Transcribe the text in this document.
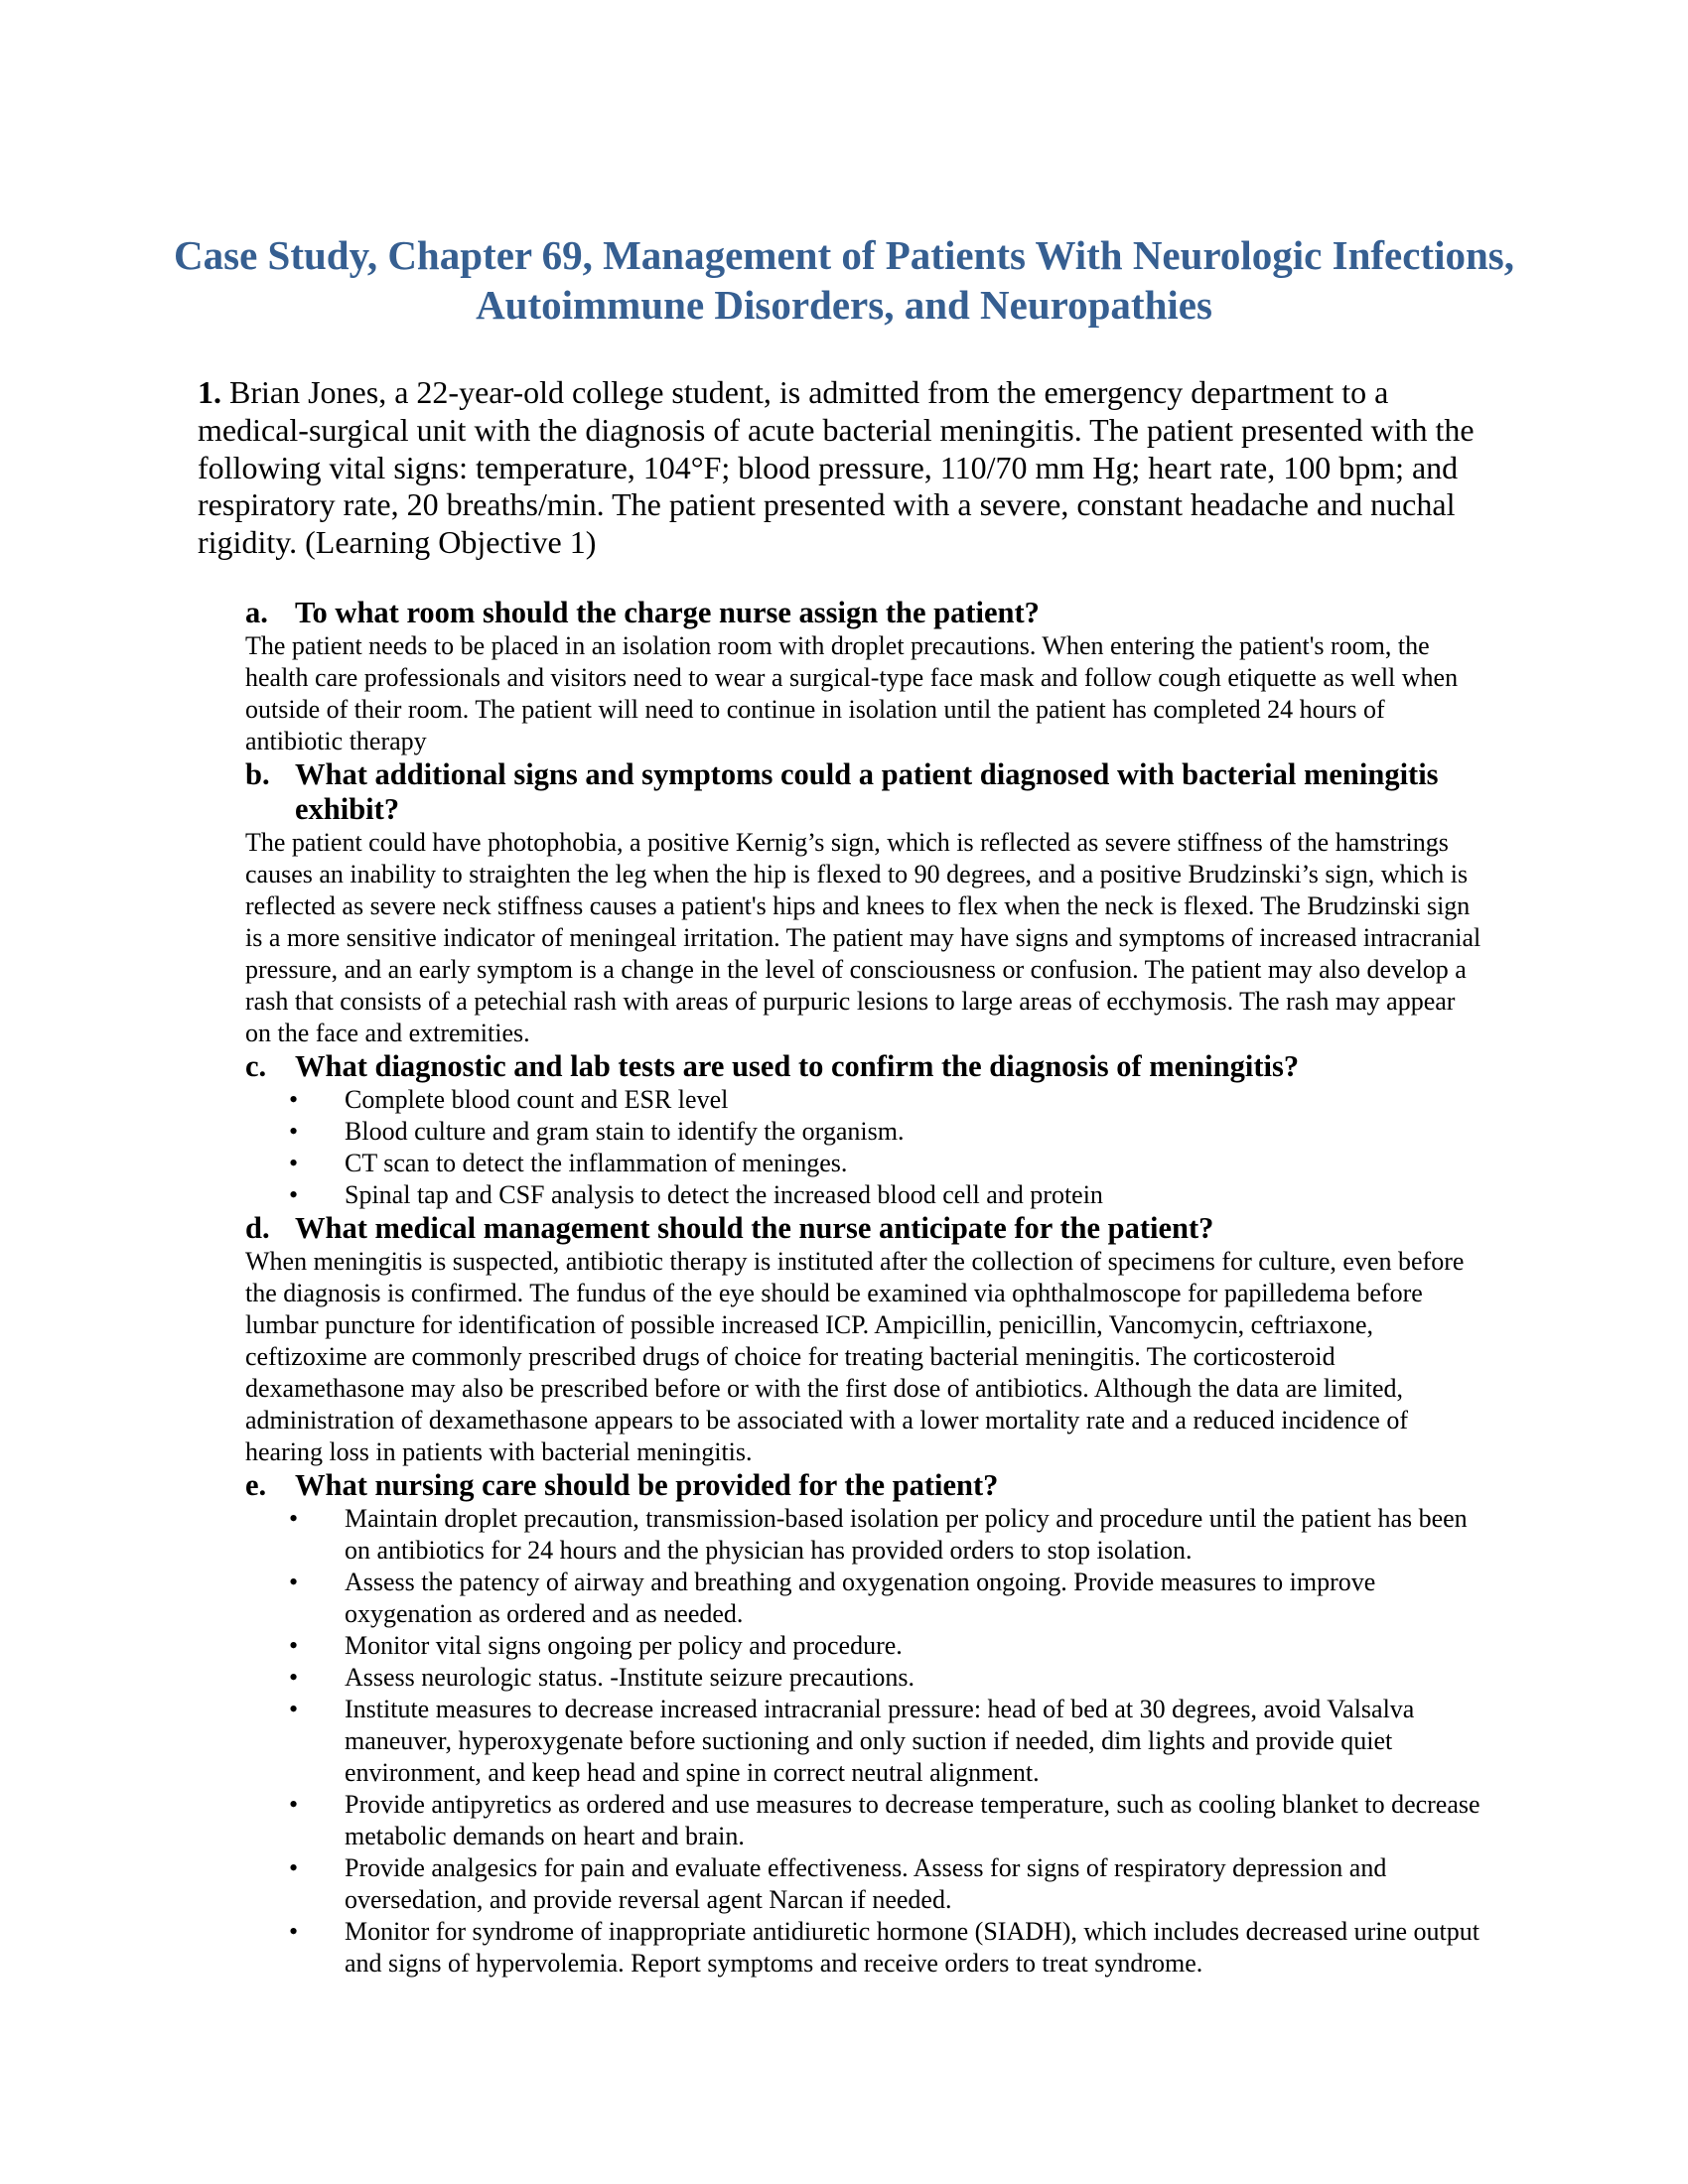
Case Study, Chapter 69, Management of Patients With Neurologic Infections, Autoimmune Disorders, and Neuropathies

1. Brian Jones, a 22-year-old college student, is admitted from the emergency department to a medical-surgical unit with the diagnosis of acute bacterial meningitis. The patient presented with the following vital signs: temperature, 104°F; blood pressure, 110/70 mm Hg; heart rate, 100 bpm; and respiratory rate, 20 breaths/min. The patient presented with a severe, constant headache and nuchal rigidity. (Learning Objective 1)

a. To what room should the charge nurse assign the patient?

The patient needs to be placed in an isolation room with droplet precautions. When entering the patient's room, the health care professionals and visitors need to wear a surgical-type face mask and follow cough etiquette as well when outside of their room. The patient will need to continue in isolation until the patient has completed 24 hours of antibiotic therapy

b. What additional signs and symptoms could a patient diagnosed with bacterial meningitis exhibit?

The patient could have photophobia, a positive Kernig’s sign, which is reflected as severe stiffness of the hamstrings causes an inability to straighten the leg when the hip is flexed to 90 degrees, and a positive Brudzinski’s sign, which is reflected as severe neck stiffness causes a patient's hips and knees to flex when the neck is flexed. The Brudzinski sign is a more sensitive indicator of meningeal irritation. The patient may have signs and symptoms of increased intracranial pressure, and an early symptom is a change in the level of consciousness or confusion. The patient may also develop a rash that consists of a petechial rash with areas of purpuric lesions to large areas of ecchymosis. The rash may appear on the face and extremities.

c. What diagnostic and lab tests are used to confirm the diagnosis of meningitis?

• Complete blood count and ESR level
• Blood culture and gram stain to identify the organism.
• CT scan to detect the inflammation of meninges.
• Spinal tap and CSF analysis to detect the increased blood cell and protein

d. What medical management should the nurse anticipate for the patient?

When meningitis is suspected, antibiotic therapy is instituted after the collection of specimens for culture, even before the diagnosis is confirmed. The fundus of the eye should be examined via ophthalmoscope for papilledema before lumbar puncture for identification of possible increased ICP. Ampicillin, penicillin, Vancomycin, ceftriaxone, ceftizoxime are commonly prescribed drugs of choice for treating bacterial meningitis. The corticosteroid dexamethasone may also be prescribed before or with the first dose of antibiotics. Although the data are limited, administration of dexamethasone appears to be associated with a lower mortality rate and a reduced incidence of hearing loss in patients with bacterial meningitis.

e. What nursing care should be provided for the patient?

• Maintain droplet precaution, transmission-based isolation per policy and procedure until the patient has been on antibiotics for 24 hours and the physician has provided orders to stop isolation.
• Assess the patency of airway and breathing and oxygenation ongoing. Provide measures to improve oxygenation as ordered and as needed.
• Monitor vital signs ongoing per policy and procedure.
• Assess neurologic status. -Institute seizure precautions.
• Institute measures to decrease increased intracranial pressure: head of bed at 30 degrees, avoid Valsalva maneuver, hyperoxygenate before suctioning and only suction if needed, dim lights and provide quiet environment, and keep head and spine in correct neutral alignment.
• Provide antipyretics as ordered and use measures to decrease temperature, such as cooling blanket to decrease metabolic demands on heart and brain.
• Provide analgesics for pain and evaluate effectiveness. Assess for signs of respiratory depression and oversedation, and provide reversal agent Narcan if needed.
• Monitor for syndrome of inappropriate antidiuretic hormone (SIADH), which includes decreased urine output and signs of hypervolemia. Report symptoms and receive orders to treat syndrome.
